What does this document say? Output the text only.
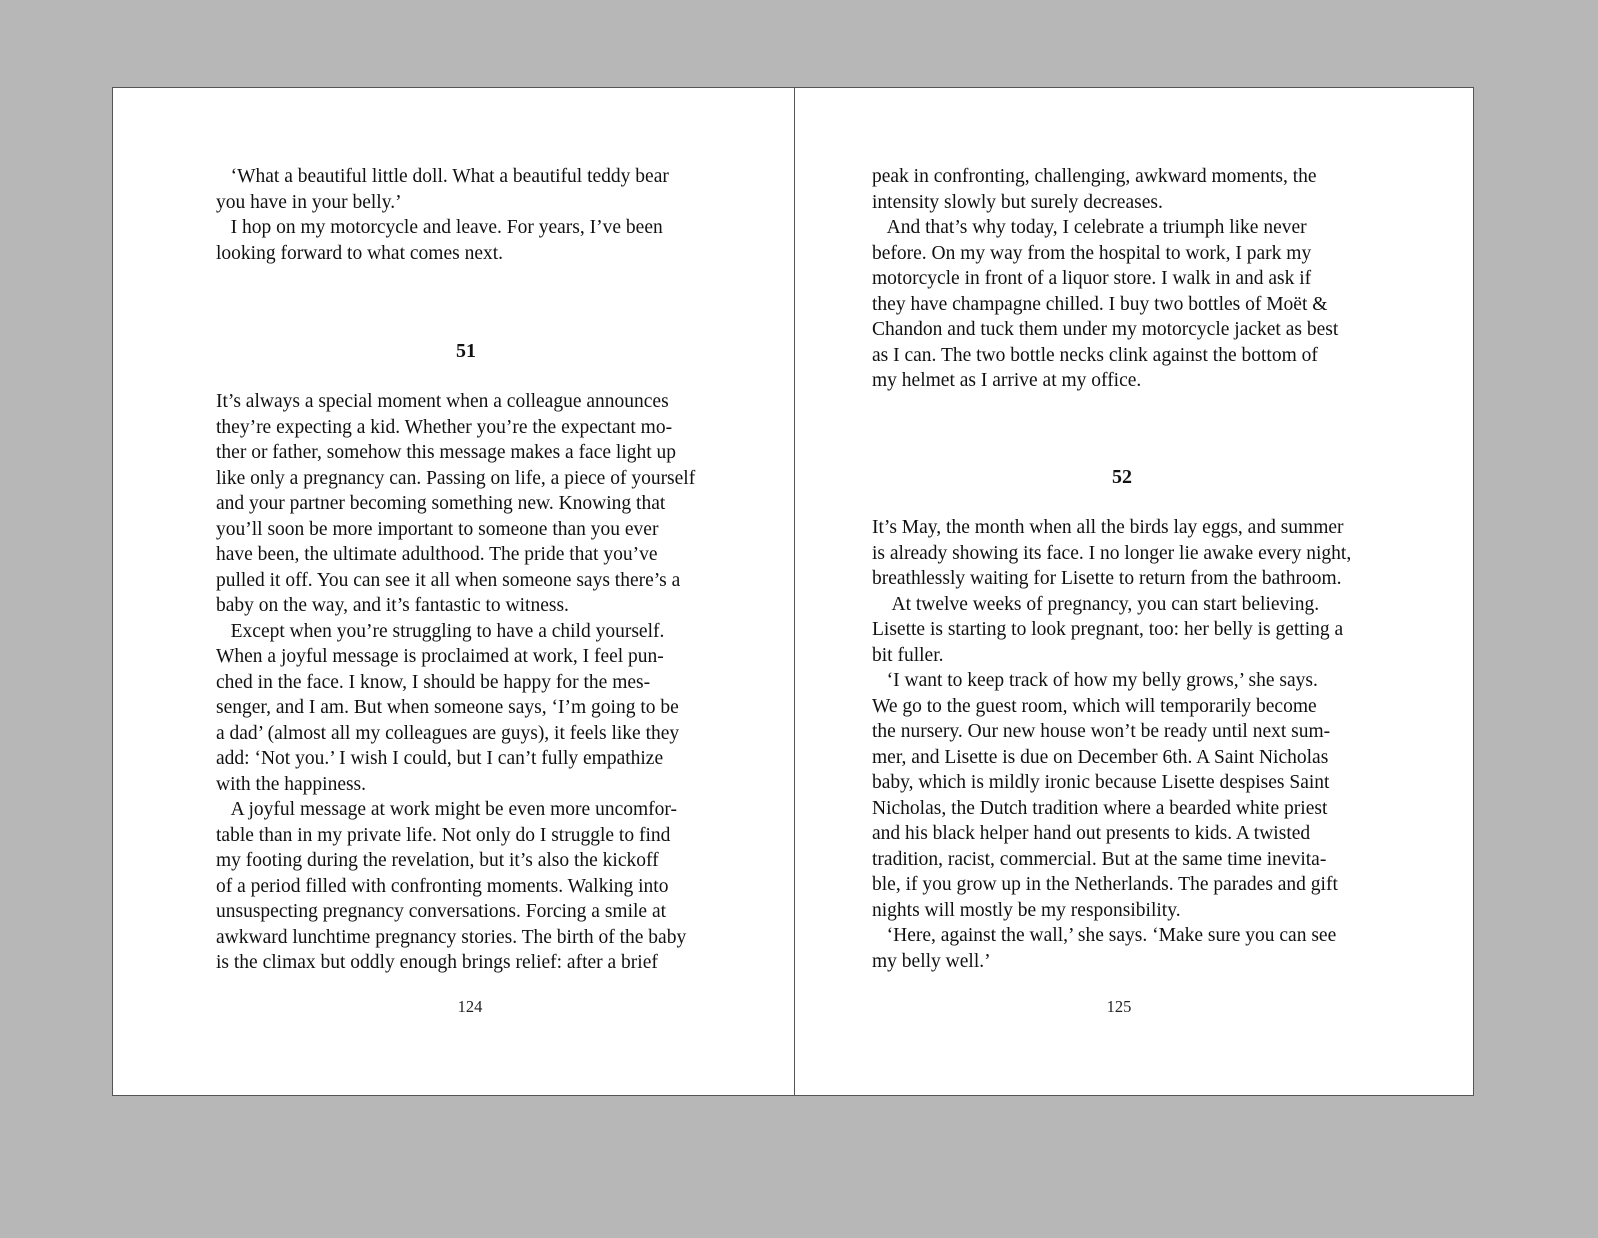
‘What a beautiful little doll. What a beautiful teddy bear
you have in your belly.’
I hop on my motorcycle and leave. For years, I’ve been
looking forward to what comes next.
51
It’s always a special moment when a colleague announces
they’re expecting a kid. Whether you’re the expectant mo-
ther or father, somehow this message makes a face light up
like only a pregnancy can. Passing on life, a piece of yourself
and your partner becoming something new. Knowing that
you’ll soon be more important to someone than you ever
have been, the ultimate adulthood. The pride that you’ve
pulled it off. You can see it all when someone says there’s a
baby on the way, and it’s fantastic to witness.
Except when you’re struggling to have a child yourself.
When a joyful message is proclaimed at work, I feel pun-
ched in the face. I know, I should be happy for the mes-
senger, and I am. But when someone says, ‘I’m going to be
a dad’ (almost all my colleagues are guys), it feels like they
add: ‘Not you.’ I wish I could, but I can’t fully empathize
with the happiness.
A joyful message at work might be even more uncomfor-
table than in my private life. Not only do I struggle to find
my footing during the revelation, but it’s also the kickoff
of a period filled with confronting moments. Walking into
unsuspecting pregnancy conversations. Forcing a smile at
awkward lunchtime pregnancy stories. The birth of the baby
is the climax but oddly enough brings relief: after a brief
124
peak in confronting, challenging, awkward moments, the
intensity slowly but surely decreases.
And that’s why today, I celebrate a triumph like never
before. On my way from the hospital to work, I park my
motorcycle in front of a liquor store. I walk in and ask if
they have champagne chilled. I buy two bottles of Moët &
Chandon and tuck them under my motorcycle jacket as best
as I can. The two bottle necks clink against the bottom of
my helmet as I arrive at my office.
52
It’s May, the month when all the birds lay eggs, and summer
is already showing its face. I no longer lie awake every night,
breathlessly waiting for Lisette to return from the bathroom.
At twelve weeks of pregnancy, you can start believing.
Lisette is starting to look pregnant, too: her belly is getting a
bit fuller.
‘I want to keep track of how my belly grows,’ she says.
We go to the guest room, which will temporarily become
the nursery. Our new house won’t be ready until next sum-
mer, and Lisette is due on December 6th. A Saint Nicholas
baby, which is mildly ironic because Lisette despises Saint
Nicholas, the Dutch tradition where a bearded white priest
and his black helper hand out presents to kids. A twisted
tradition, racist, commercial. But at the same time inevita-
ble, if you grow up in the Netherlands. The parades and gift
nights will mostly be my responsibility.
‘Here, against the wall,’ she says. ‘Make sure you can see
my belly well.’
125
